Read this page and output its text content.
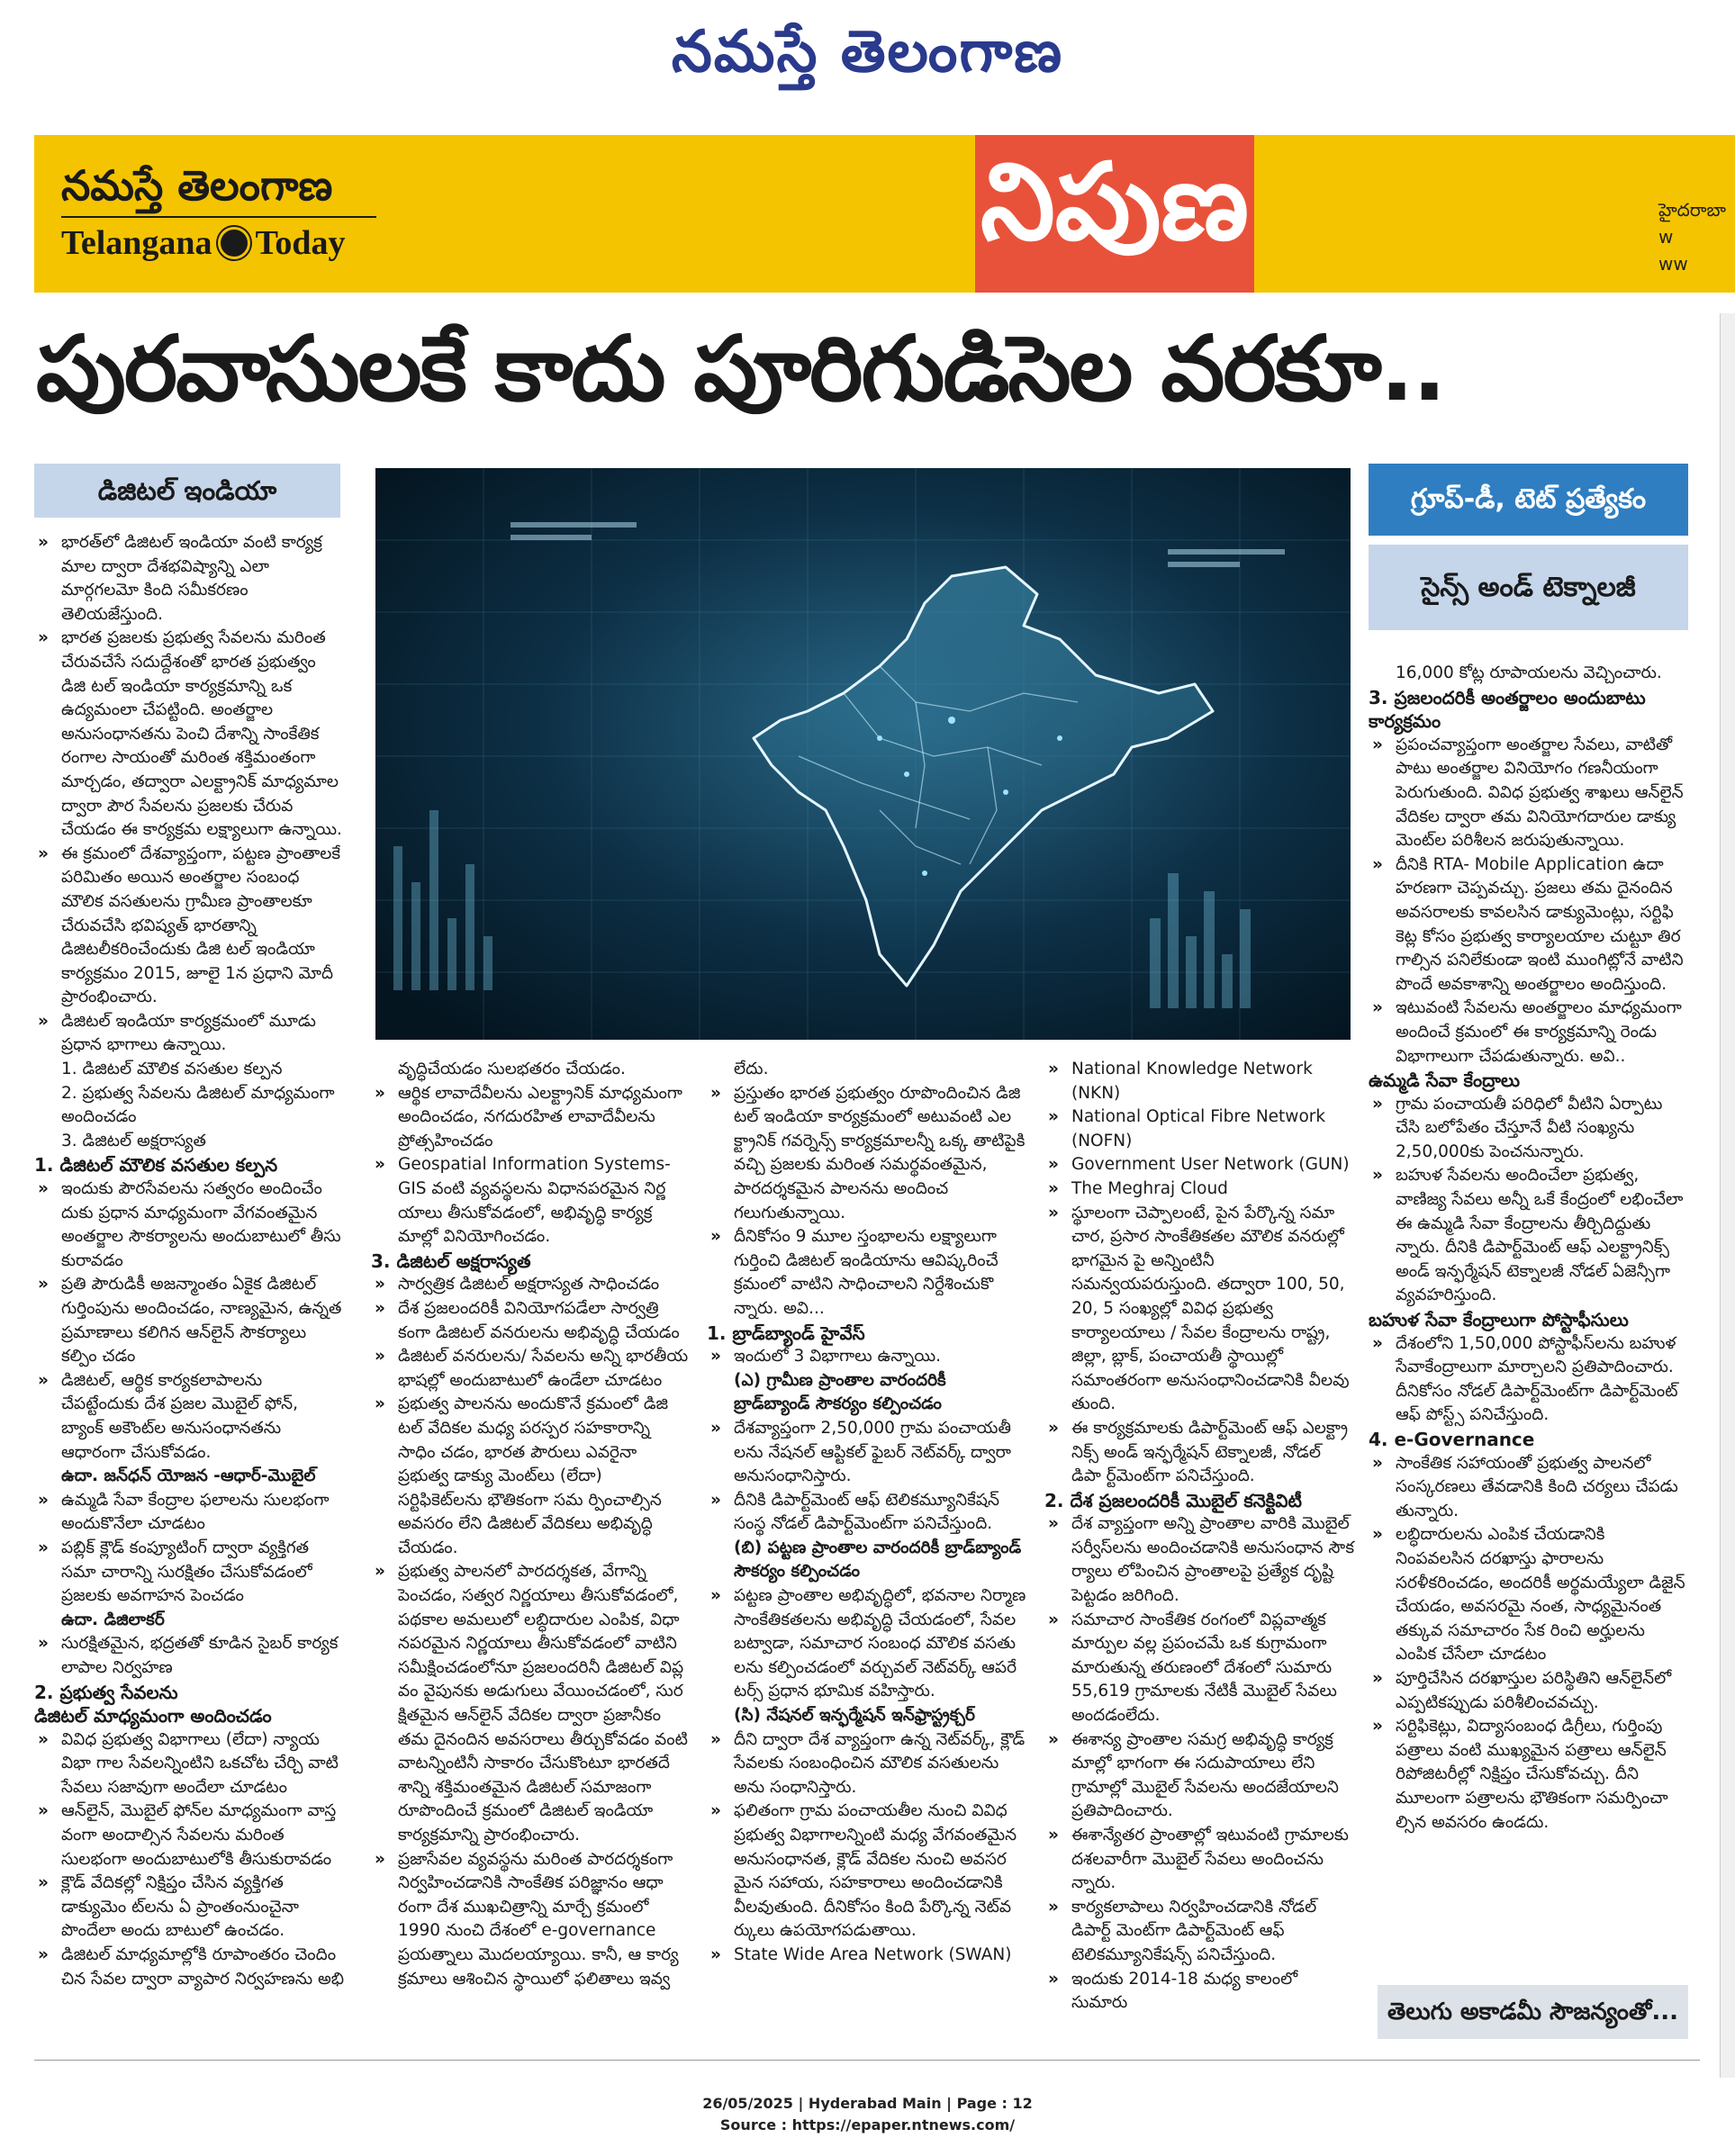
నమస్తే తెలంగాణ
నమస్తే తెలంగాణ
Telangana Today	నిపుణ	హైదరాబా
w
ww
పురవాసులకే కాదు పూరిగుడిసెల వరకూ..
డిజిటల్ ఇండియా	గ్రూప్-డీ, టెట్ ప్రత్యేకం
సైన్స్ అండ్ టెక్నాలజీ

» భారత్‌లో డిజిటల్ ఇండియా వంటి కార్యక్ర మాల ద్వారా దేశభవిష్యాన్ని ఎలా మార్గగలమో కింది సమీకరణం తెలియజేస్తుంది.

» భారత ప్రజలకు ప్రభుత్వ సేవలను మరింత చేరువచేసే సదుద్దేశంతో భారత ప్రభుత్వం డిజి టల్ ఇండియా కార్యక్రమాన్ని ఒక ఉద్యమంలా చేపట్టింది. అంతర్జాల అనుసంధానతను పెంచి దేశాన్ని సాంకేతిక రంగాల సాయంతో మరింత శక్తిమంతంగా మార్చడం, తద్వారా ఎలక్ట్రానిక్ మాధ్యమాల ద్వారా పౌర సేవలను ప్రజలకు చేరువ చేయడం ఈ కార్యక్రమ లక్ష్యాలుగా ఉన్నాయి.

» ఈ క్రమంలో దేశవ్యాప్తంగా, పట్టణ ప్రాంతాలకే పరిమితం అయిన అంతర్జాల సంబంధ మౌలిక వసతులను గ్రామీణ ప్రాంతాలకూ చేరువచేసి భవిష్యత్ భారతాన్ని డిజిటలీకరించేందుకు డిజి టల్ ఇండియా కార్యక్రమం 2015, జూలై 1న ప్రధాని మోదీ ప్రారంభించారు.

» డిజిటల్ ఇండియా కార్యక్రమంలో మూడు ప్రధాన భాగాలు ఉన్నాయి.

1. డిజిటల్ మౌలిక వసతుల కల్పన

2. ప్రభుత్వ సేవలను డిజిటల్ మాధ్యమంగా అందించడం

3. డిజిటల్ అక్షరాస్యత

1. డిజిటల్ మౌలిక వసతుల కల్పన

» ఇందుకు పౌరసేవలను సత్వరం అందించేం దుకు ప్రధాన మాధ్యమంగా వేగవంతమైన అంతర్జాల సౌకర్యాలను అందుబాటులో తీసు కురావడం

» ప్రతి పౌరుడికీ అజన్మాంతం ఏకైక డిజిటల్ గుర్తింపును అందించడం, నాణ్యమైన, ఉన్నత ప్రమాణాలు కలిగిన ఆన్‌లైన్ సౌకర్యాలు కల్పిం చడం

» డిజిటల్, ఆర్థిక కార్యకలాపాలను చేపట్టేందుకు దేశ ప్రజల మొబైల్ ఫోన్, బ్యాంక్ అకౌంట్‌ల అనుసంధానతను ఆధారంగా చేసుకోవడం.

ఉదా. జన్‌ధన్ యోజన -ఆధార్-మొబైల్

» ఉమ్మడి సేవా కేంద్రాల ఫలాలను సులభంగా అందుకొనేలా చూడటం

» పబ్లిక్ క్లౌడ్ కంప్యూటింగ్ ద్వారా వ్యక్తిగత సమా చారాన్ని సురక్షితం చేసుకోవడంలో ప్రజలకు అవగాహన పెంచడం

ఉదా. డిజిలాకర్

» సురక్షితమైన, భద్రతతో కూడిన సైబర్ కార్యక లాపాల నిర్వహణ

2. ప్రభుత్వ సేవలను

డిజిటల్ మాధ్యమంగా అందించడం

» వివిధ ప్రభుత్వ విభాగాలు (లేదా) న్యాయ విభా గాల సేవలన్నింటిని ఒకచోట చేర్చి వాటి సేవలు సజావుగా అందేలా చూడటం

» ఆన్‌లైన్, మొబైల్ ఫోన్‌ల మాధ్యమంగా వాస్త వంగా అందాల్సిన సేవలను మరింత సులభంగా అందుబాటులోకి తీసుకురావడం

» క్లౌడ్ వేదికల్లో నిక్షిప్తం చేసిన వ్యక్తిగత డాక్యుమెం ట్‌లను ఏ ప్రాంతంనుంచైనా పొందేలా అందు బాటులో ఉంచడం.

» డిజిటల్ మాధ్యమాల్లోకి రూపాంతరం చెందిం చిన సేవల ద్వారా వ్యాపార నిర్వహణను అభి

వృద్ధిచేయడం సులభతరం చేయడం.

» ఆర్థిక లావాదేవీలను ఎలక్ట్రానిక్ మాధ్యమంగా అందించడం, నగదురహిత లావాదేవీలను ప్రోత్సహించడం

» Geospatial Information Systems-GIS వంటి వ్యవస్థలను విధానపరమైన నిర్ణ యాలు తీసుకోవడంలో, అభివృద్ధి కార్యక్ర మాల్లో వినియోగించడం.

3. డిజిటల్ అక్షరాస్యత

» సార్వత్రిక డిజిటల్ అక్షరాస్యత సాధించడం

» దేశ ప్రజలందరికీ వినియోగపడేలా సార్వత్రి కంగా డిజిటల్ వనరులను అభివృద్ధి చేయడం

» డిజిటల్ వనరులను/ సేవలను అన్ని భారతీయ భాషల్లో అందుబాటులో ఉండేలా చూడటం

» ప్రభుత్వ పాలనను అందుకొనే క్రమంలో డిజి టల్ వేదికల మధ్య పరస్పర సహకారాన్ని సాధిం చడం, భారత పౌరులు ఎవరైనా ప్రభుత్వ డాక్యు మెంట్‌లు (లేదా) సర్టిఫికెట్‌లను భౌతికంగా సమ ర్పించాల్సిన అవసరం లేని డిజిటల్ వేదికలు అభివృద్ధి చేయడం.

» ప్రభుత్వ పాలనలో పారదర్శకత, వేగాన్ని పెంచడం, సత్వర నిర్ణయాలు తీసుకోవడంలో, పథకాల అమలులో లబ్ధిదారుల ఎంపిక, విధా నపరమైన నిర్ణయాలు తీసుకోవడంలో వాటిని సమీక్షించడంలోనూ ప్రజలందరినీ డిజిటల్ విప్ల వం వైపునకు అడుగులు వేయించడంలో, సుర క్షితమైన ఆన్‌లైన్ వేదికల ద్వారా ప్రజానీకం తమ దైనందిన అవసరాలు తీర్చుకోవడం వంటి వాటన్నింటినీ సాకారం చేసుకొంటూ భారతదే శాన్ని శక్తిమంతమైన డిజిటల్ సమాజంగా రూపొందించే క్రమంలో డిజిటల్ ఇండియా కార్యక్రమాన్ని ప్రారంభించారు.

» ప్రజాసేవల వ్యవస్థను మరింత పారదర్శకంగా నిర్వహించడానికి సాంకేతిక పరిజ్ఞానం ఆధా రంగా దేశ ముఖచిత్రాన్ని మార్చే క్రమంలో 1990 నుంచి దేశంలో e-governance ప్రయత్నాలు మొదలయ్యాయి. కానీ, ఆ కార్య క్రమాలు ఆశించిన స్థాయిలో ఫలితాలు ఇవ్వ

లేదు.

» ప్రస్తుతం భారత ప్రభుత్వం రూపొందించిన డిజి టల్ ఇండియా కార్యక్రమంలో అటువంటి ఎల క్ట్రానిక్ గవర్నెన్స్ కార్యక్రమాలన్నీ ఒక్క తాటిపైకి వచ్చి ప్రజలకు మరింత సమర్థవంతమైన, పారదర్శకమైన పాలనను అందించ గలుగుతున్నాయి.

» దీనికోసం 9 మూల స్తంభాలను లక్ష్యాలుగా గుర్తించి డిజిటల్ ఇండియాను ఆవిష్కరించే క్రమంలో వాటిని సాధించాలని నిర్దేశించుకొ న్నారు. అవి...

1. బ్రాడ్‌బ్యాండ్ హైవేస్

» ఇందులో 3 విభాగాలు ఉన్నాయి.

(ఎ) గ్రామీణ ప్రాంతాల వారందరికీ బ్రాడ్‌బ్యాండ్ సౌకర్యం కల్పించడం

» దేశవ్యాప్తంగా 2,50,000 గ్రామ పంచాయతీ లను నేషనల్ ఆప్టికల్ ఫైబర్ నెట్‌వర్క్ ద్వారా అనుసంధానిస్తారు.

» దీనికి డిపార్ట్‌మెంట్ ఆఫ్ టెలికమ్యూనికేషన్ సంస్థ నోడల్ డిపార్ట్‌మెంట్‌గా పనిచేస్తుంది.

(బి) పట్టణ ప్రాంతాల వారందరికీ బ్రాడ్‌బ్యాండ్ సౌకర్యం కల్పించడం

» పట్టణ ప్రాంతాల అభివృద్ధిలో, భవనాల నిర్మాణ సాంకేతికతలను అభివృద్ధి చేయడంలో, సేవల బట్వాడా, సమాచార సంబంధ మౌలిక వసతు లను కల్పించడంలో వర్చువల్ నెట్‌వర్క్ ఆపరే టర్స్ ప్రధాన భూమిక వహిస్తారు.

(సి) నేషనల్ ఇన్ఫర్మేషన్ ఇన్‌ఫ్రాస్ట్రక్చర్

» దీని ద్వారా దేశ వ్యాప్తంగా ఉన్న నెట్‌వర్క్, క్లౌడ్ సేవలకు సంబంధించిన మౌలిక వసతులను అను సంధానిస్తారు.

» ఫలితంగా గ్రామ పంచాయతీల నుంచి వివిధ ప్రభుత్వ విభాగాలన్నింటి మధ్య వేగవంతమైన అనుసంధానత, క్లౌడ్ వేదికల నుంచి అవసర మైన సహాయ, సహకారాలు అందించడానికి వీలవుతుంది. దీనికోసం కింది పేర్కొన్న నెట్‌వ ర్కులు ఉపయోగపడుతాయి.

» State Wide Area Network (SWAN)

» National Knowledge Network (NKN)

» National Optical Fibre Network (NOFN)

» Government User Network (GUN)

» The Meghraj Cloud

» స్థూలంగా చెప్పాలంటే, పైన పేర్కొన్న సమా చార, ప్రసార సాంకేతికతల మౌలిక వనరుల్లో భాగమైన పై అన్నింటినీ సమన్వయపరుస్తుంది. తద్వారా 100, 50, 20, 5 సంఖ్యల్లో వివిధ ప్రభుత్వ కార్యాలయాలు / సేవల కేంద్రాలను రాష్ట్ర, జిల్లా, బ్లాక్, పంచాయతీ స్థాయిల్లో సమాంతరంగా అనుసంధానించడానికి వీలవు తుంది.

» ఈ కార్యక్రమాలకు డిపార్ట్‌మెంట్ ఆఫ్ ఎలక్ట్రా నిక్స్ అండ్ ఇన్ఫర్మేషన్ టెక్నాలజీ, నోడల్ డిపా ర్ట్‌మెంట్‌గా పనిచేస్తుంది.

2. దేశ ప్రజలందరికీ మొబైల్ కనెక్టివిటీ

» దేశ వ్యాప్తంగా అన్ని ప్రాంతాల వారికి మొబైల్ సర్వీస్‌లను అందించడానికి అనుసంధాన సౌక ర్యాలు లోపించిన ప్రాంతాలపై ప్రత్యేక దృష్టి పెట్టడం జరిగింది.

» సమాచార సాంకేతిక రంగంలో విప్లవాత్మక మార్పుల వల్ల ప్రపంచమే ఒక కుగ్రామంగా మారుతున్న తరుణంలో దేశంలో సుమారు 55,619 గ్రామాలకు నేటికీ మొబైల్ సేవలు అందడంలేదు.

» ఈశాన్య ప్రాంతాల సమగ్ర అభివృద్ధి కార్యక్ర మాల్లో భాగంగా ఈ సదుపాయాలు లేని గ్రామాల్లో మొబైల్ సేవలను అందజేయాలని ప్రతిపాదించారు.

» ఈశాన్యేతర ప్రాంతాల్లో ఇటువంటి గ్రామాలకు దశలవారీగా మొబైల్ సేవలు అందించను న్నారు.

» కార్యకలాపాలు నిర్వహించడానికి నోడల్ డిపార్ట్ మెంట్‌గా డిపార్ట్‌మెంట్ ఆఫ్ టెలికమ్యూనికేషన్స్ పనిచేస్తుంది.

» ఇందుకు 2014-18 మధ్య కాలంలో సుమారు

16,000 కోట్ల రూపాయలను వెచ్చించారు.

3. ప్రజలందరికీ అంతర్జాలం అందుబాటు కార్యక్రమం

» ప్రపంచవ్యాప్తంగా అంతర్జాల సేవలు, వాటితో పాటు అంతర్జాల వినియోగం గణనీయంగా పెరుగుతుంది. వివిధ ప్రభుత్వ శాఖలు ఆన్‌లైన్ వేదికల ద్వారా తమ వినియోగదారుల డాక్యు మెంట్‌ల పరిశీలన జరుపుతున్నాయి.

» దీనికి RTA- Mobile Application ఉదా హరణగా చెప్పవచ్చు. ప్రజలు తమ దైనందిన అవసరాలకు కావలసిన డాక్యుమెంట్లు, సర్టిఫి కెట్ల కోసం ప్రభుత్వ కార్యాలయాల చుట్టూ తిర గాల్సిన పనిలేకుండా ఇంటి ముంగిట్లోనే వాటిని పొందే అవకాశాన్ని అంతర్జాలం అందిస్తుంది.

» ఇటువంటి సేవలను అంతర్జాలం మాధ్యమంగా అందించే క్రమంలో ఈ కార్యక్రమాన్ని రెండు విభాగాలుగా చేపడుతున్నారు. అవి..

ఉమ్మడి సేవా కేంద్రాలు

» గ్రామ పంచాయతీ పరిధిలో వీటిని ఏర్పాటు చేసి బలోపేతం చేస్తూనే వీటి సంఖ్యను 2,50,000కు పెంచనున్నారు.

» బహుళ సేవలను అందించేలా ప్రభుత్వ, వాణిజ్య సేవలు అన్నీ ఒకే కేంద్రంలో లభించేలా ఈ ఉమ్మడి సేవా కేంద్రాలను తీర్చిదిద్దుతు న్నారు. దీనికి డిపార్ట్‌మెంట్ ఆఫ్ ఎలక్ట్రానిక్స్ అండ్ ఇన్ఫర్మేషన్ టెక్నాలజీ నోడల్ ఏజెన్సీగా వ్యవహరిస్తుంది.

బహుళ సేవా కేంద్రాలుగా పోస్టాఫీసులు

» దేశంలోని 1,50,000 పోస్టాఫీస్‌లను బహుళ సేవాకేంద్రాలుగా మార్చాలని ప్రతిపాదించారు. దీనికోసం నోడల్ డిపార్ట్‌మెంట్‌గా డిపార్ట్‌మెంట్ ఆఫ్ పోస్ట్స్ పనిచేస్తుంది.

4. e-Governance

» సాంకేతిక సహాయంతో ప్రభుత్వ పాలనలో సంస్కరణలు తేవడానికి కింది చర్యలు చేపడు తున్నారు.

» లబ్ధిదారులను ఎంపిక చేయడానికి నింపవలసిన దరఖాస్తు ఫారాలను సరళీకరించడం, అందరికీ అర్థమయ్యేలా డిజైన్ చేయడం, అవసరమై నంత, సాధ్యమైనంత తక్కువ సమాచారం సేక రించి అర్హులను ఎంపిక చేసేలా చూడటం

» పూర్తిచేసిన దరఖాస్తుల పరిస్థితిని ఆన్‌లైన్‌లో ఎప్పటికప్పుడు పరిశీలించవచ్చు.

» సర్టిఫికెట్లు, విద్యాసంబంధ డిగ్రీలు, గుర్తింపు పత్రాలు వంటి ముఖ్యమైన పత్రాలు ఆన్‌లైన్ రిపోజిటరీల్లో నిక్షిప్తం చేసుకోవచ్చు. దీని మూలంగా పత్రాలను భౌతికంగా సమర్పించా ల్సిన అవసరం ఉండదు.

తెలుగు అకాడమీ సౌజన్యంతో...
26/05/2025 | Hyderabad Main | Page : 12
Source : https://epaper.ntnews.com/
